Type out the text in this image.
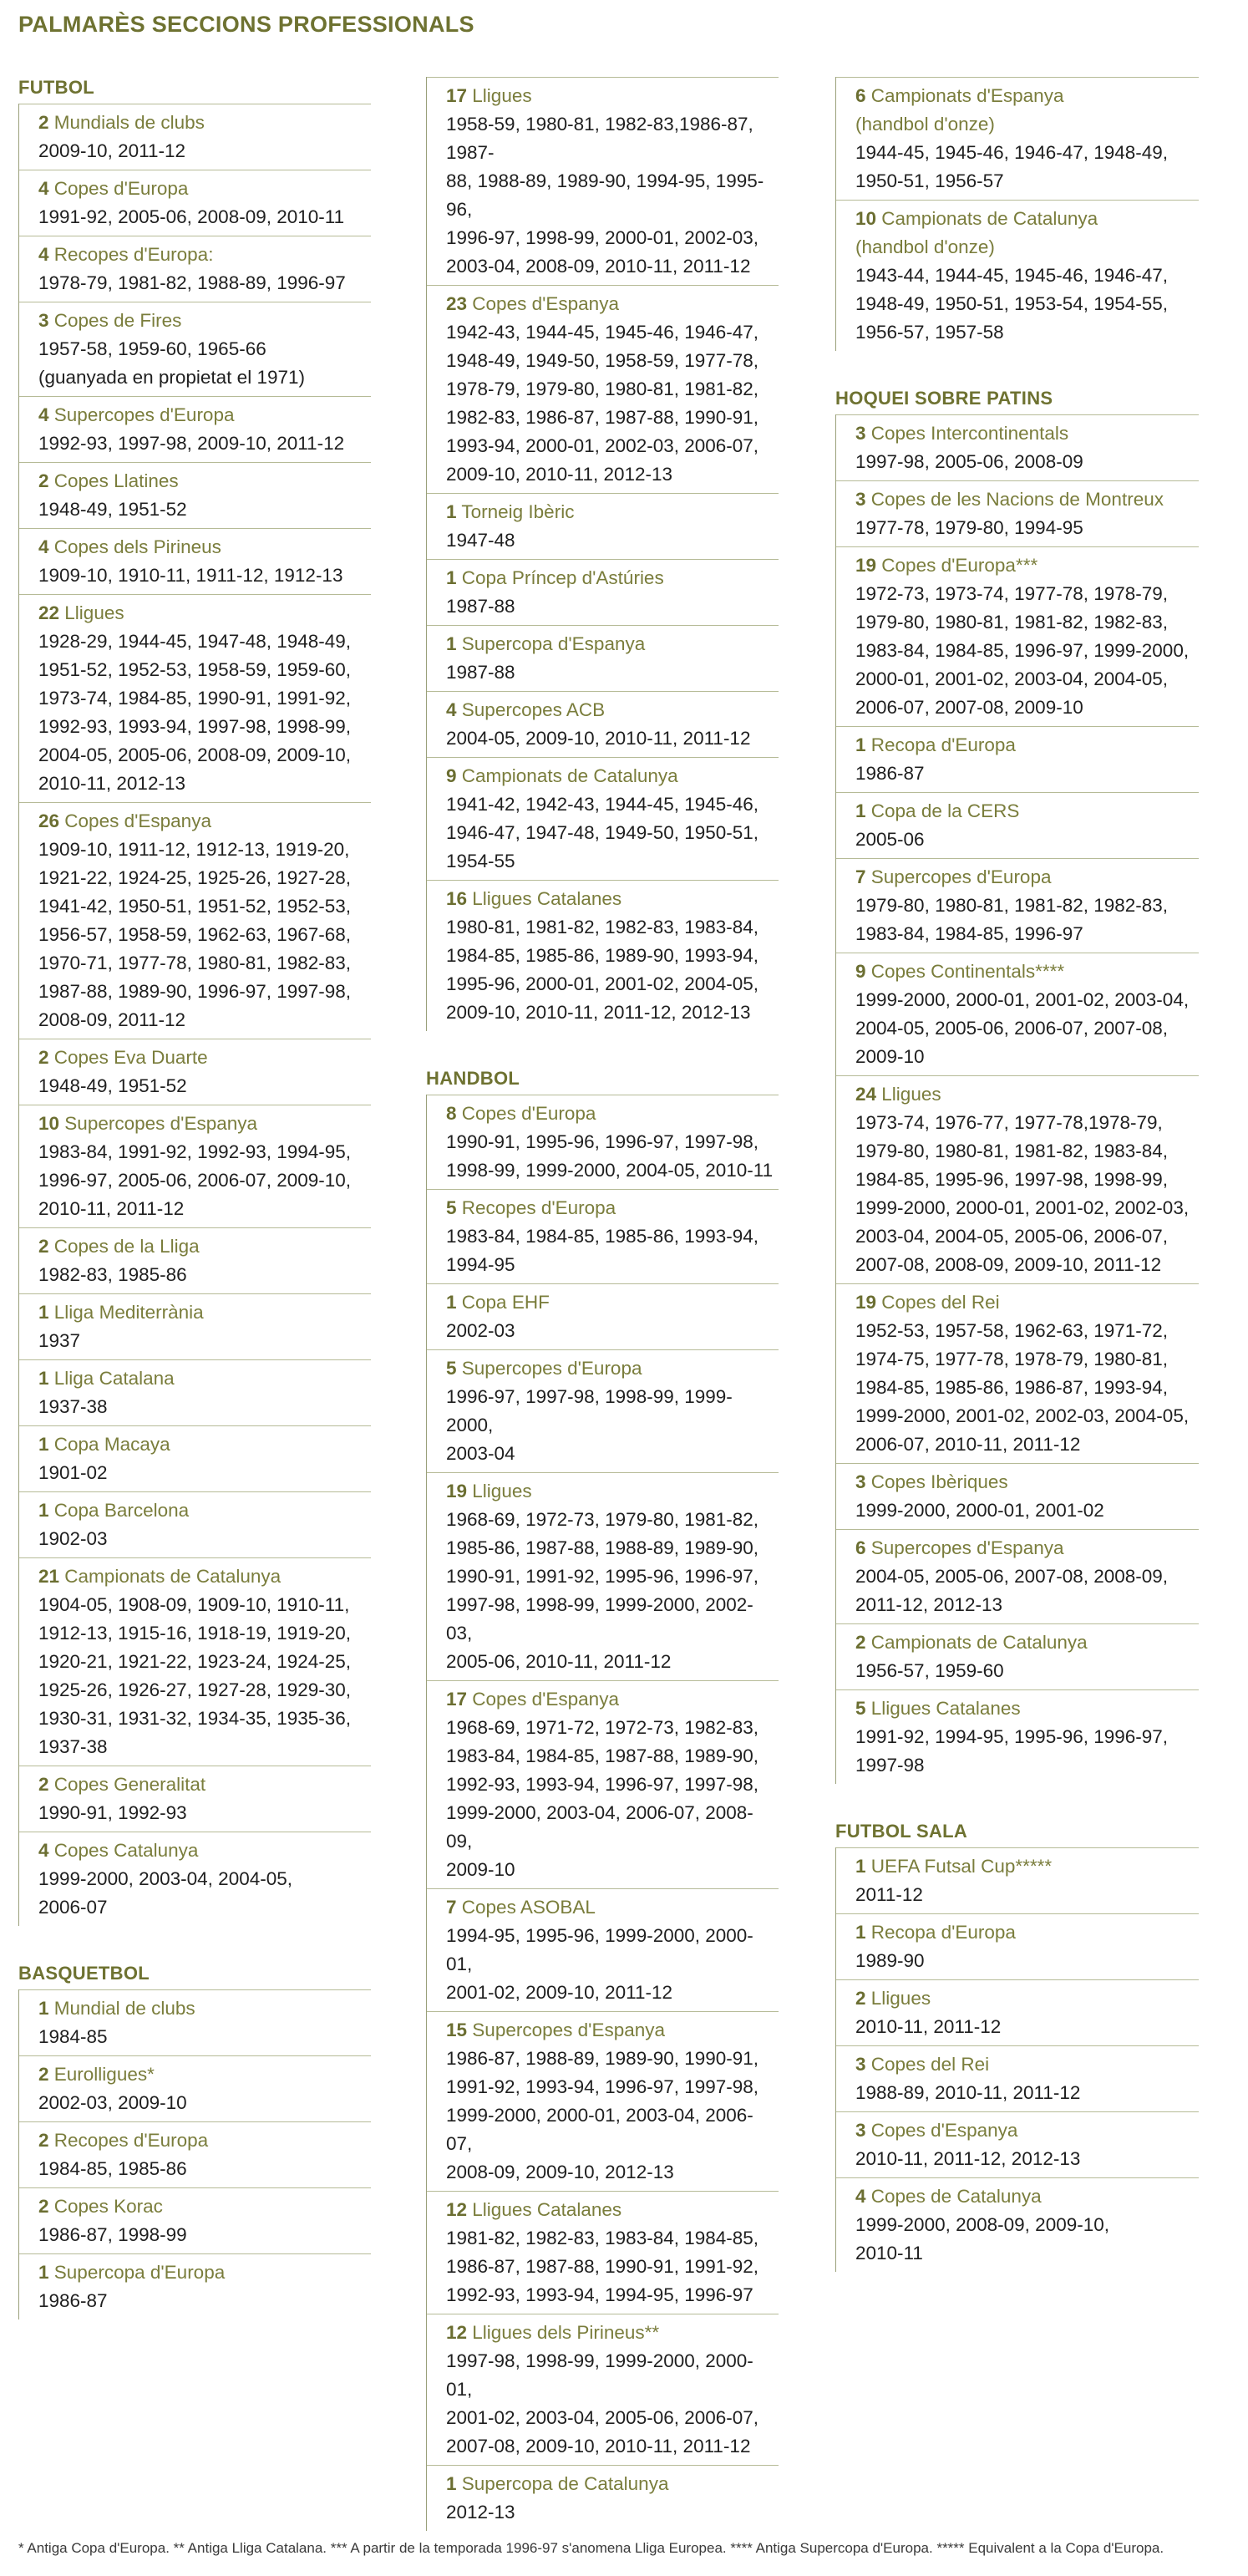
PALMARÈS SECCIONS PROFESSIONALS
FUTBOL
2 Mundials de clubs
2009-10, 2011-12
4 Copes d'Europa
1991-92, 2005-06, 2008-09, 2010-11
4 Recopes d'Europa:
1978-79, 1981-82, 1988-89, 1996-97
3 Copes de Fires
1957-58, 1959-60, 1965-66
(guanyada en propietat el 1971)
4 Supercopes d'Europa
1992-93, 1997-98, 2009-10, 2011-12
2 Copes Llatines
1948-49, 1951-52
4 Copes dels Pirineus
1909-10, 1910-11, 1911-12, 1912-13
22 Lligues
1928-29, 1944-45, 1947-48, 1948-49,
1951-52, 1952-53, 1958-59, 1959-60,
1973-74, 1984-85, 1990-91, 1991-92,
1992-93, 1993-94, 1997-98, 1998-99,
2004-05, 2005-06, 2008-09, 2009-10,
2010-11, 2012-13
26 Copes d'Espanya
1909-10, 1911-12, 1912-13, 1919-20,
1921-22, 1924-25, 1925-26, 1927-28,
1941-42, 1950-51, 1951-52, 1952-53,
1956-57, 1958-59, 1962-63, 1967-68,
1970-71, 1977-78, 1980-81, 1982-83,
1987-88, 1989-90, 1996-97, 1997-98,
2008-09, 2011-12
2 Copes Eva Duarte
1948-49, 1951-52
10 Supercopes d'Espanya
1983-84, 1991-92, 1992-93, 1994-95,
1996-97, 2005-06, 2006-07, 2009-10,
2010-11, 2011-12
2 Copes de la Lliga
1982-83, 1985-86
1 Lliga Mediterrània
1937
1 Lliga Catalana
1937-38
1 Copa Macaya
1901-02
1 Copa Barcelona
1902-03
21 Campionats de Catalunya
1904-05, 1908-09, 1909-10, 1910-11,
1912-13, 1915-16, 1918-19, 1919-20,
1920-21, 1921-22, 1923-24, 1924-25,
1925-26, 1926-27, 1927-28, 1929-30,
1930-31, 1931-32, 1934-35, 1935-36,
1937-38
2 Copes Generalitat
1990-91, 1992-93
4 Copes Catalunya
1999-2000, 2003-04, 2004-05,
2006-07
BASQUETBOL
1 Mundial de clubs
1984-85
2 Eurolligues*
2002-03, 2009-10
2 Recopes d'Europa
1984-85, 1985-86
2 Copes Korac
1986-87, 1998-99
1 Supercopa d'Europa
1986-87
17 Lligues
1958-59, 1980-81, 1982-83,1986-87, 1987-
88, 1988-89, 1989-90, 1994-95, 1995-96,
1996-97, 1998-99, 2000-01, 2002-03,
2003-04, 2008-09, 2010-11, 2011-12
23 Copes d'Espanya
1942-43, 1944-45, 1945-46, 1946-47,
1948-49, 1949-50, 1958-59, 1977-78,
1978-79, 1979-80, 1980-81, 1981-82,
1982-83, 1986-87, 1987-88, 1990-91,
1993-94, 2000-01, 2002-03, 2006-07,
2009-10, 2010-11, 2012-13
1 Torneig Ibèric
1947-48
1 Copa Príncep d'Astúries
1987-88
1 Supercopa d'Espanya
1987-88
4 Supercopes ACB
2004-05, 2009-10, 2010-11, 2011-12
9 Campionats de Catalunya
1941-42, 1942-43, 1944-45, 1945-46,
1946-47, 1947-48, 1949-50, 1950-51,
1954-55
16 Lligues Catalanes
1980-81, 1981-82, 1982-83, 1983-84,
1984-85, 1985-86, 1989-90, 1993-94,
1995-96, 2000-01, 2001-02, 2004-05,
2009-10, 2010-11, 2011-12, 2012-13
HANDBOL
8 Copes d'Europa
1990-91, 1995-96, 1996-97, 1997-98,
1998-99, 1999-2000, 2004-05, 2010-11
5 Recopes d'Europa
1983-84, 1984-85, 1985-86, 1993-94,
1994-95
1 Copa EHF
2002-03
5 Supercopes d'Europa
1996-97, 1997-98, 1998-99, 1999-2000,
2003-04
19 Lligues
1968-69, 1972-73, 1979-80, 1981-82,
1985-86, 1987-88, 1988-89, 1989-90,
1990-91, 1991-92, 1995-96, 1996-97,
1997-98, 1998-99, 1999-2000, 2002-03,
2005-06, 2010-11, 2011-12
17 Copes d'Espanya
1968-69, 1971-72, 1972-73, 1982-83,
1983-84, 1984-85, 1987-88, 1989-90,
1992-93, 1993-94, 1996-97, 1997-98,
1999-2000, 2003-04, 2006-07, 2008-09,
2009-10
7 Copes ASOBAL
1994-95, 1995-96, 1999-2000, 2000-01,
2001-02, 2009-10, 2011-12
15 Supercopes d'Espanya
1986-87, 1988-89, 1989-90, 1990-91,
1991-92, 1993-94, 1996-97, 1997-98,
1999-2000, 2000-01, 2003-04, 2006-07,
2008-09, 2009-10, 2012-13
12 Lligues Catalanes
1981-82, 1982-83, 1983-84, 1984-85,
1986-87, 1987-88, 1990-91, 1991-92,
1992-93, 1993-94, 1994-95, 1996-97
12 Lligues dels Pirineus**
1997-98, 1998-99, 1999-2000, 2000-01,
2001-02, 2003-04, 2005-06, 2006-07,
2007-08, 2009-10, 2010-11, 2011-12
1 Supercopa de Catalunya
2012-13
6 Campionats d'Espanya
(handbol d'onze)
1944-45, 1945-46, 1946-47, 1948-49,
1950-51, 1956-57
10 Campionats de Catalunya
(handbol d'onze)
1943-44, 1944-45, 1945-46, 1946-47,
1948-49, 1950-51, 1953-54, 1954-55,
1956-57, 1957-58
HOQUEI SOBRE PATINS
3 Copes Intercontinentals
1997-98, 2005-06, 2008-09
3 Copes de les Nacions de Montreux
1977-78, 1979-80, 1994-95
19 Copes d'Europa***
1972-73, 1973-74, 1977-78, 1978-79,
1979-80, 1980-81, 1981-82, 1982-83,
1983-84, 1984-85, 1996-97, 1999-2000,
2000-01, 2001-02, 2003-04, 2004-05,
2006-07, 2007-08, 2009-10
1 Recopa d'Europa
1986-87
1 Copa de la CERS
2005-06
7 Supercopes d'Europa
1979-80, 1980-81, 1981-82, 1982-83,
1983-84, 1984-85, 1996-97
9 Copes Continentals****
1999-2000, 2000-01, 2001-02, 2003-04,
2004-05, 2005-06, 2006-07, 2007-08,
2009-10
24 Lligues
1973-74, 1976-77, 1977-78,1978-79,
1979-80, 1980-81, 1981-82, 1983-84,
1984-85, 1995-96, 1997-98, 1998-99,
1999-2000, 2000-01, 2001-02, 2002-03,
2003-04, 2004-05, 2005-06, 2006-07,
2007-08, 2008-09, 2009-10, 2011-12
19 Copes del Rei
1952-53, 1957-58, 1962-63, 1971-72,
1974-75, 1977-78, 1978-79, 1980-81,
1984-85, 1985-86, 1986-87, 1993-94,
1999-2000, 2001-02, 2002-03, 2004-05,
2006-07, 2010-11, 2011-12
3 Copes Ibèriques
1999-2000, 2000-01, 2001-02
6 Supercopes d'Espanya
2004-05, 2005-06, 2007-08, 2008-09,
2011-12, 2012-13
2 Campionats de Catalunya
1956-57, 1959-60
5 Lligues Catalanes
1991-92, 1994-95, 1995-96, 1996-97,
1997-98
FUTBOL SALA
1 UEFA Futsal Cup*****
2011-12
1 Recopa d'Europa
1989-90
2 Lligues
2010-11, 2011-12
3 Copes del Rei
1988-89, 2010-11, 2011-12
3 Copes d'Espanya
2010-11, 2011-12, 2012-13
4 Copes de Catalunya
1999-2000, 2008-09, 2009-10,
2010-11

* Antiga Copa d'Europa. ** Antiga Lliga Catalana. *** A partir de la temporada 1996-97 s'anomena Lliga Europea. **** Antiga Supercopa d'Europa. ***** Equivalent a la Copa d'Europa.
